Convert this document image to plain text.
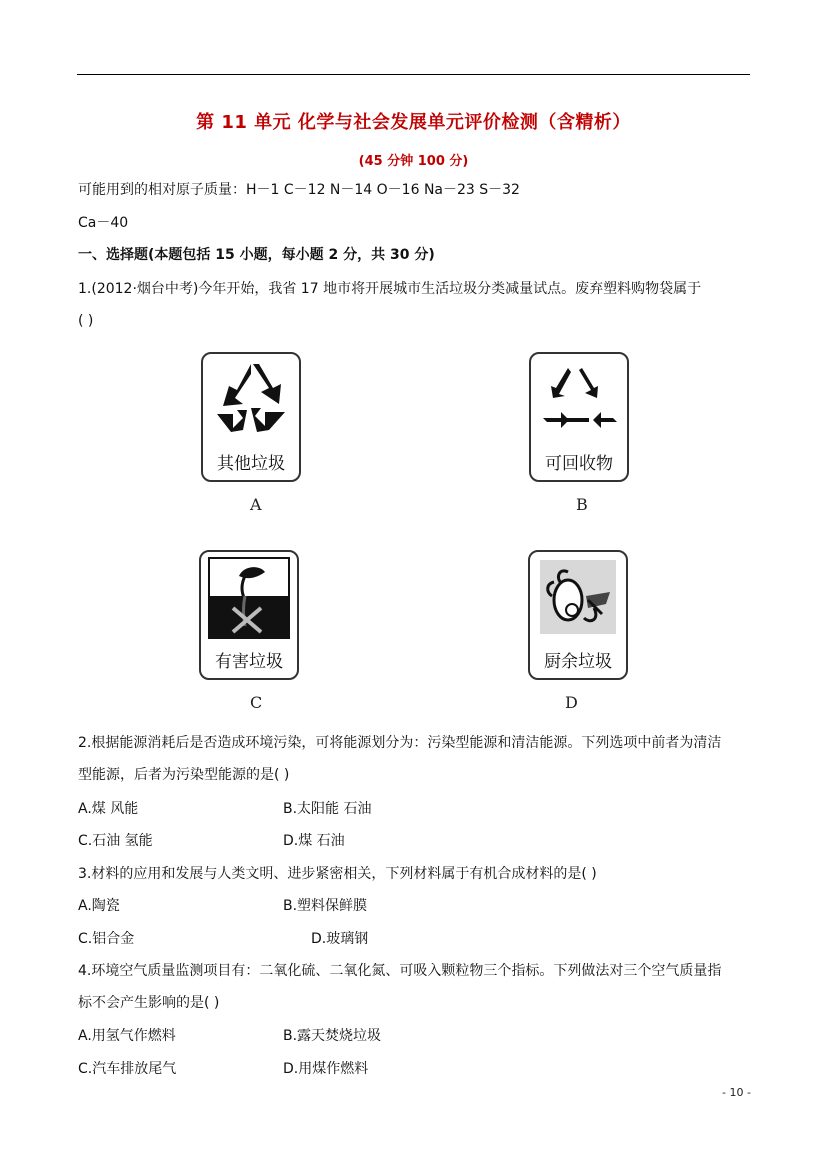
第 11 单元 化学与社会发展单元评价检测（含精析）
(45 分钟 100 分)
可能用到的相对原子质量：H－1 C－12 N－14 O－16 Na－23 S－32
Ca－40
一、选择题(本题包括 15 小题，每小题 2 分，共 30 分)
1.(2012·烟台中考)今年开始，我省 17 地市将开展城市生活垃圾分类减量试点。废弃塑料购物袋属于
( )
其他垃圾
A
可回收物
B
有害垃圾
C
厨余垃圾
D
2.根据能源消耗后是否造成环境污染，可将能源划分为：污染型能源和清洁能源。下列选项中前者为清洁
型能源，后者为污染型能源的是( )
A.煤 风能	B.太阳能 石油
C.石油 氢能	D.煤 石油
3.材料的应用和发展与人类文明、进步紧密相关，下列材料属于有机合成材料的是( )
A.陶瓷	B.塑料保鲜膜
C.铝合金	D.玻璃钢
4.环境空气质量监测项目有：二氧化硫、二氧化氮、可吸入颗粒物三个指标。下列做法对三个空气质量指
标不会产生影响的是( )
A.用氢气作燃料	B.露天焚烧垃圾
C.汽车排放尾气	D.用煤作燃料
- 10 -
